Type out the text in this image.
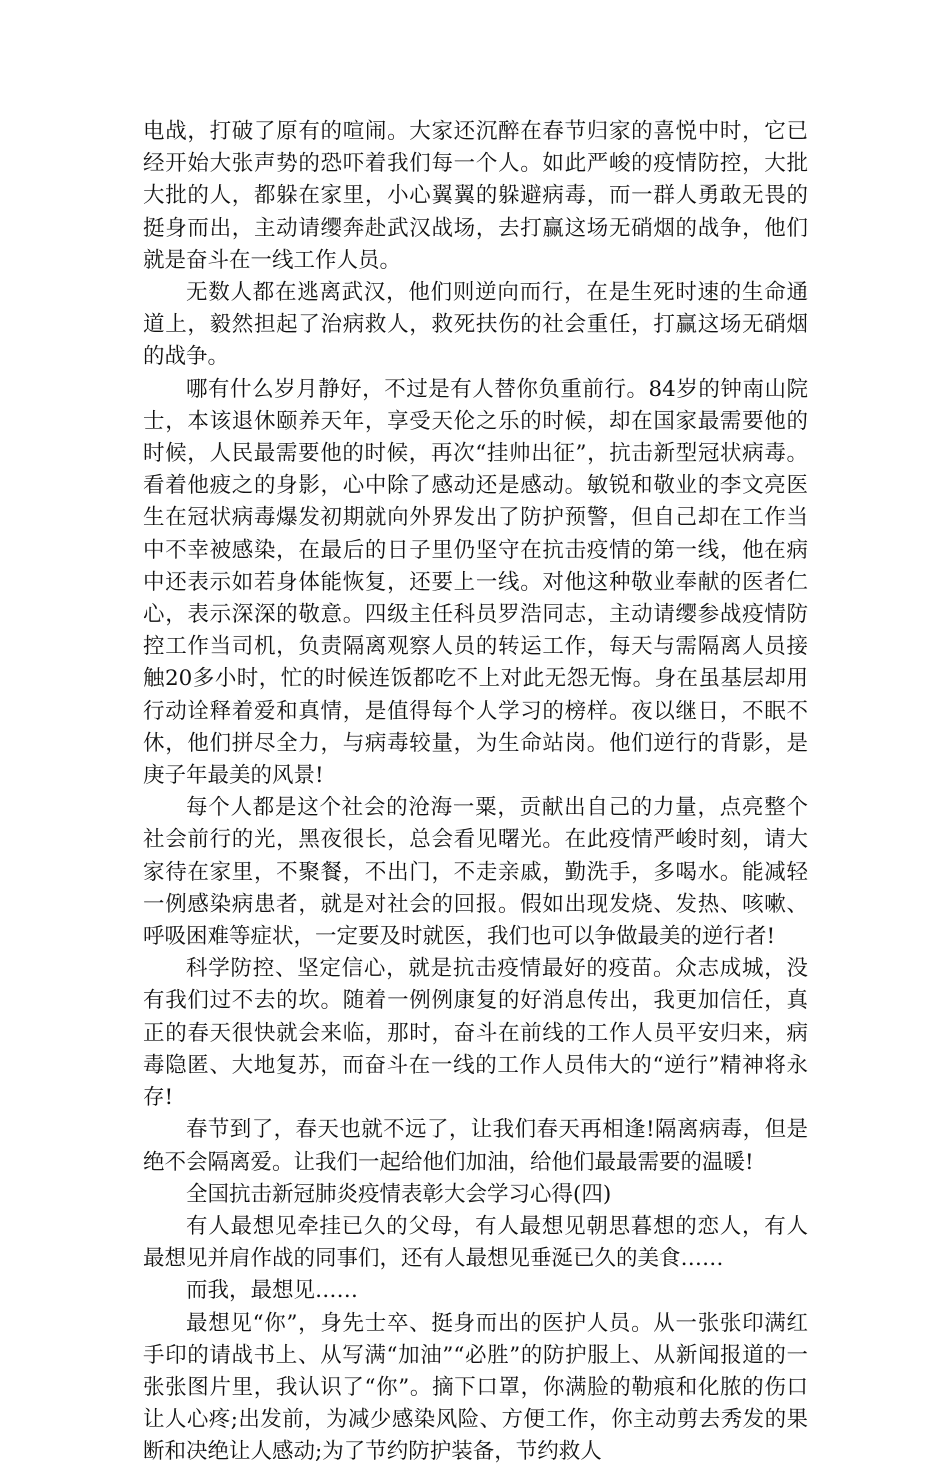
电战，打破了原有的喧闹。大家还沉醉在春节归家的喜悦中时，它已经开始大张声势的恐吓着我们每一个人。如此严峻的疫情防控，大批大批的人，都躲在家里，小心翼翼的躲避病毒，而一群人勇敢无畏的挺身而出，主动请缨奔赴武汉战场，去打赢这场无硝烟的战争，他们就是奋斗在一线工作人员。

无数人都在逃离武汉，他们则逆向而行，在是生死时速的生命通道上，毅然担起了治病救人，救死扶伤的社会重任，打赢这场无硝烟的战争。

哪有什么岁月静好，不过是有人替你负重前行。84岁的钟南山院士，本该退休颐养天年，享受天伦之乐的时候，却在国家最需要他的时候，人民最需要他的时候，再次“挂帅出征”，抗击新型冠状病毒。看着他疲之的身影，心中除了感动还是感动。敏锐和敬业的李文亮医生在冠状病毒爆发初期就向外界发出了防护预警，但自己却在工作当中不幸被感染，在最后的日子里仍坚守在抗击疫情的第一线，他在病中还表示如若身体能恢复，还要上一线。对他这种敬业奉献的医者仁心，表示深深的敬意。四级主任科员罗浩同志，主动请缨参战疫情防控工作当司机，负责隔离观察人员的转运工作，每天与需隔离人员接触20多小时，忙的时候连饭都吃不上对此无怨无悔。身在虽基层却用行动诠释着爱和真情，是值得每个人学习的榜样。夜以继日，不眠不休，他们拼尽全力，与病毒较量，为生命站岗。他们逆行的背影，是庚子年最美的风景!

每个人都是这个社会的沧海一粟，贡献出自己的力量，点亮整个社会前行的光，黑夜很长，总会看见曙光。在此疫情严峻时刻，请大家待在家里，不聚餐，不出门，不走亲戚，勤洗手，多喝水。能减轻一例感染病患者，就是对社会的回报。假如出现发烧、发热、咳嗽、呼吸困难等症状，一定要及时就医，我们也可以争做最美的逆行者!

科学防控、坚定信心，就是抗击疫情最好的疫苗。众志成城，没有我们过不去的坎。随着一例例康复的好消息传出，我更加信任，真正的春天很快就会来临，那时，奋斗在前线的工作人员平安归来，病毒隐匿、大地复苏，而奋斗在一线的工作人员伟大的“逆行”精神将永存!

春节到了，春天也就不远了，让我们春天再相逢!隔离病毒，但是绝不会隔离爱。让我们一起给他们加油，给他们最最需要的温暖!

全国抗击新冠肺炎疫情表彰大会学习心得(四)

有人最想见牵挂已久的父母，有人最想见朝思暮想的恋人，有人最想见并肩作战的同事们，还有人最想见垂涎已久的美食……

而我，最想见……

最想见“你”，身先士卒、挺身而出的医护人员。从一张张印满红手印的请战书上、从写满“加油”“必胜”的防护服上、从新闻报道的一张张图片里，我认识了“你”。摘下口罩，你满脸的勒痕和化脓的伤口让人心疼;出发前，为减少感染风险、方便工作，你主动剪去秀发的果断和决绝让人感动;为了节约防护装备，节约救人
